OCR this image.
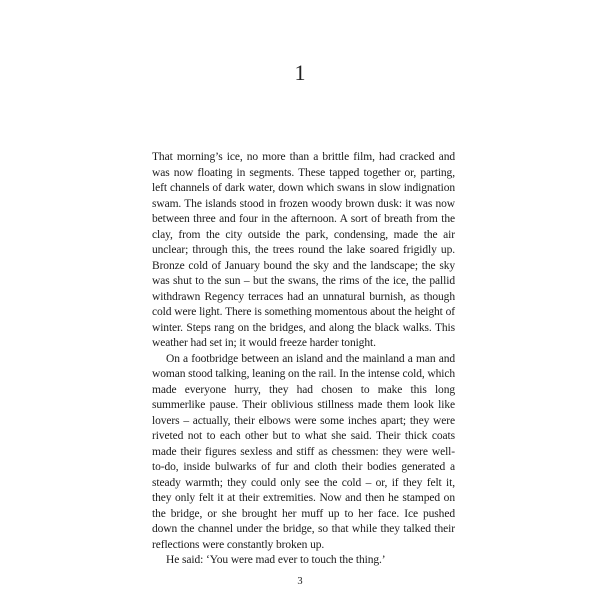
1

That morning’s ice, no more than a brittle film, had cracked and was now floating in segments. These tapped together or, parting, left channels of dark water, down which swans in slow indignation swam. The islands stood in frozen woody brown dusk: it was now between three and four in the afternoon. A sort of breath from the clay, from the city outside the park, condensing, made the air unclear; through this, the trees round the lake soared frigidly up. Bronze cold of January bound the sky and the landscape; the sky was shut to the sun – but the swans, the rims of the ice, the pallid withdrawn Regency terraces had an unnatural burnish, as though cold were light. There is something momentous about the height of winter. Steps rang on the bridges, and along the black walks. This weather had set in; it would freeze harder tonight.

On a footbridge between an island and the mainland a man and woman stood talking, leaning on the rail. In the intense cold, which made everyone hurry, they had chosen to make this long summerlike pause. Their oblivious stillness made them look like lovers – actually, their elbows were some inches apart; they were riveted not to each other but to what she said. Their thick coats made their figures sexless and stiff as chessmen: they were well-to-do, inside bulwarks of fur and cloth their bodies generated a steady warmth; they could only see the cold – or, if they felt it, they only felt it at their extremities. Now and then he stamped on the bridge, or she brought her muff up to her face. Ice pushed down the channel under the bridge, so that while they talked their reflections were constantly broken up.

He said: ‘You were mad ever to touch the thing.’

3
